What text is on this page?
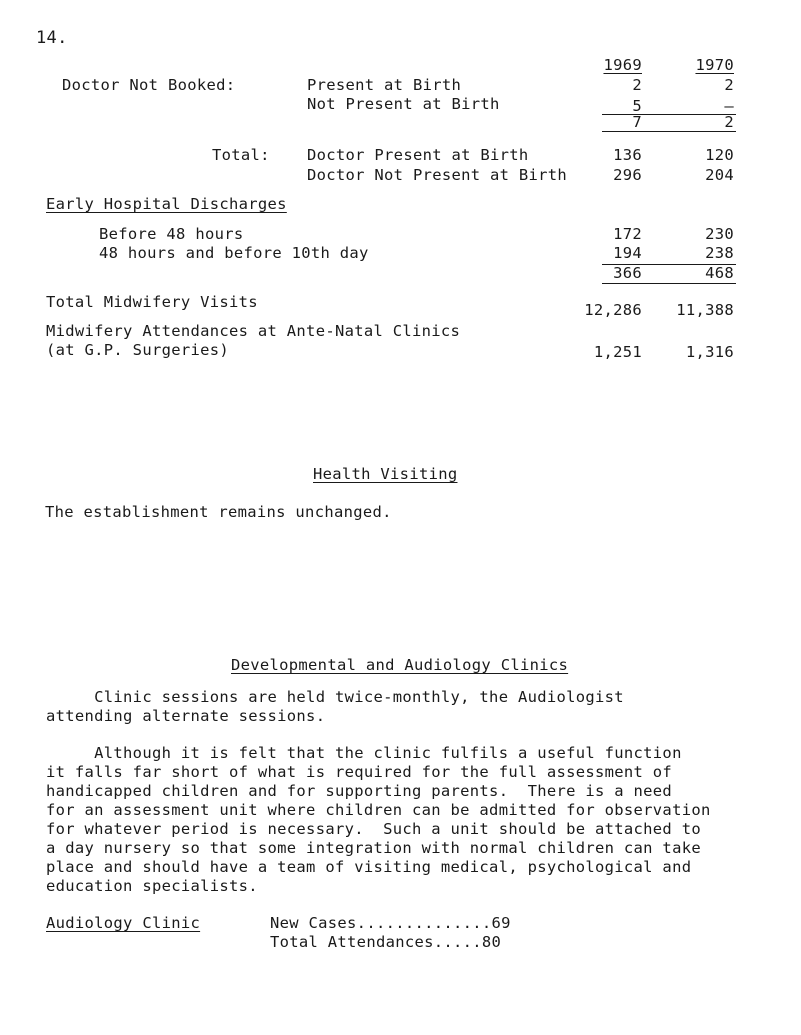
14.
1969	1970
Doctor Not Booked:	Present at Birth	2	2
Not Present at Birth	5	–
7	2
Total: Doctor Present at Birth	136	120
Doctor Not Present at Birth	296	204
Early Hospital Discharges
Before 48 hours	172	230
48 hours and before 10th day	194	238
366	468
Total Midwifery Visits	12,286	11,388
Midwifery Attendances at Ante-Natal Clinics
(at G.P. Surgeries)	1,251	1,316
Health Visiting
The establishment remains unchanged.
Developmental and Audiology Clinics
Clinic sessions are held twice-monthly, the Audiologist
attending alternate sessions.
Although it is felt that the clinic fulfils a useful function
it falls far short of what is required for the full assessment of
handicapped children and for supporting parents.  There is a need
for an assessment unit where children can be admitted for observation
for whatever period is necessary.  Such a unit should be attached to
a day nursery so that some integration with normal children can take
place and should have a team of visiting medical, psychological and
education specialists.
Audiology Clinic	New Cases..............69
Total Attendances.....80
